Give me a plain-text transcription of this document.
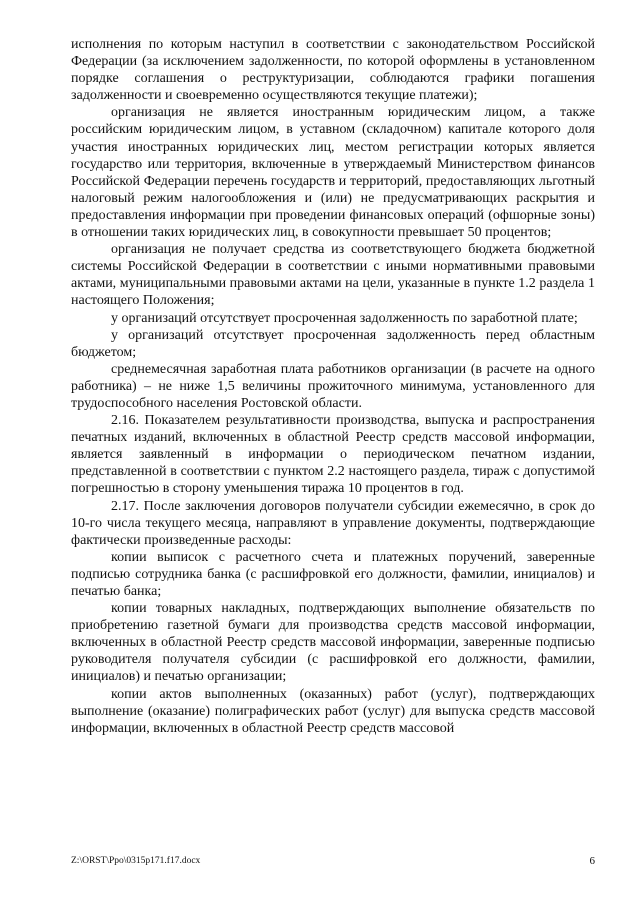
исполнения по которым наступил в соответствии с законодательством Российской Федерации (за исключением задолженности, по которой оформлены в установленном порядке соглашения о реструктуризации, соблюдаются графики погашения задолженности и своевременно осуществляются текущие платежи);

организация не является иностранным юридическим лицом, а также российским юридическим лицом, в уставном (складочном) капитале которого доля участия иностранных юридических лиц, местом регистрации которых является государство или территория, включенные в утверждаемый Министерством финансов Российской Федерации перечень государств и территорий, предоставляющих льготный налоговый режим налогообложения и (или) не предусматривающих раскрытия и предоставления информации при проведении финансовых операций (офшорные зоны) в отношении таких юридических лиц, в совокупности превышает 50 процентов;

организация не получает средства из соответствующего бюджета бюджетной системы Российской Федерации в соответствии с иными нормативными правовыми актами, муниципальными правовыми актами на цели, указанные в пункте 1.2 раздела 1 настоящего Положения;

у организаций отсутствует просроченная задолженность по заработной плате;

у организаций отсутствует просроченная задолженность перед областным бюджетом;

среднемесячная заработная плата работников организации (в расчете на одного работника) – не ниже 1,5 величины прожиточного минимума, установленного для трудоспособного населения Ростовской области.

2.16. Показателем результативности производства, выпуска и распространения печатных изданий, включенных в областной Реестр средств массовой информации, является заявленный в информации о периодическом печатном издании, представленной в соответствии с пунктом 2.2 настоящего раздела, тираж с допустимой погрешностью в сторону уменьшения тиража 10 процентов в год.

2.17. После заключения договоров получатели субсидии ежемесячно, в срок до 10-го числа текущего месяца, направляют в управление документы, подтверждающие фактически произведенные расходы:

копии выписок с расчетного счета и платежных поручений, заверенные подписью сотрудника банка (с расшифровкой его должности, фамилии, инициалов) и печатью банка;

копии товарных накладных, подтверждающих выполнение обязательств по приобретению газетной бумаги для производства средств массовой информации, включенных в областной Реестр средств массовой информации, заверенные подписью руководителя получателя субсидии (с расшифровкой его должности, фамилии, инициалов) и печатью организации;

копии актов выполненных (оказанных) работ (услуг), подтверждающих выполнение (оказание) полиграфических работ (услуг) для выпуска средств массовой информации, включенных в областной Реестр средств массовой

Z:\ORST\Ppo\0315p171.f17.docx	6
